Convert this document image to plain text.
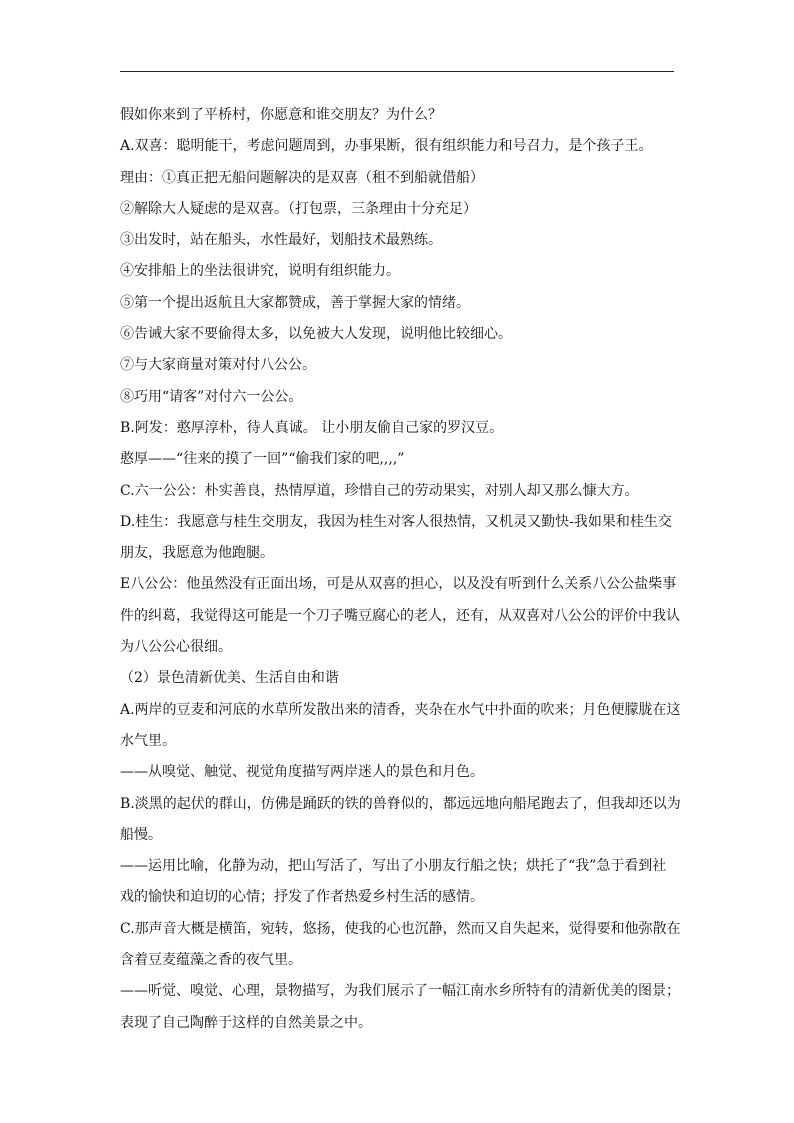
假如你来到了平桥村，你愿意和谁交朋友？为什么？
A.双喜：聪明能干，考虑问题周到，办事果断，很有组织能力和号召力，是个孩子王。
理由：①真正把无船问题解决的是双喜（租不到船就借船）
②解除大人疑虑的是双喜。（打包票，三条理由十分充足）
③出发时，站在船头，水性最好，划船技术最熟练。
④安排船上的坐法很讲究，说明有组织能力。
⑤第一个提出返航且大家都赞成，善于掌握大家的情绪。
⑥告诫大家不要偷得太多，以免被大人发现，说明他比较细心。
⑦与大家商量对策对付八公公。
⑧巧用“请客”对付六一公公。
B.阿发：憨厚淳朴，待人真诚。 让小朋友偷自己家的罗汉豆。
憨厚——“往来的摸了一回”“偷我们家的吧,,,,”
C.六一公公：朴实善良，热情厚道，珍惜自己的劳动果实，对别人却又那么慷大方。
D.桂生：我愿意与桂生交朋友，我因为桂生对客人很热情，又机灵又勤快-我如果和桂生交
朋友，我愿意为他跑腿。
E八公公：他虽然没有正面出场，可是从双喜的担心，以及没有听到什么关系八公公盐柴事
件的纠葛，我觉得这可能是一个刀子嘴豆腐心的老人，还有，从双喜对八公公的评价中我认
为八公公心很细。
（2）景色清新优美、生活自由和谐
A.两岸的豆麦和河底的水草所发散出来的清香，夹杂在水气中扑面的吹来；月色便朦胧在这
水气里。
——从嗅觉、触觉、视觉角度描写两岸迷人的景色和月色。
B.淡黑的起伏的群山，仿佛是踊跃的铁的兽脊似的，都远远地向船尾跑去了，但我却还以为
船慢。
——运用比喻，化静为动，把山写活了，写出了小朋友行船之快；烘托了“我”急于看到社
戏的愉快和迫切的心情；抒发了作者热爱乡村生活的感情。
C.那声音大概是横笛，宛转，悠扬，使我的心也沉静，然而又自失起来，觉得要和他弥散在
含着豆麦蕴藻之香的夜气里。
——听觉、嗅觉、心理，景物描写，为我们展示了一幅江南水乡所特有的清新优美的图景；
表现了自己陶醉于这样的自然美景之中。
